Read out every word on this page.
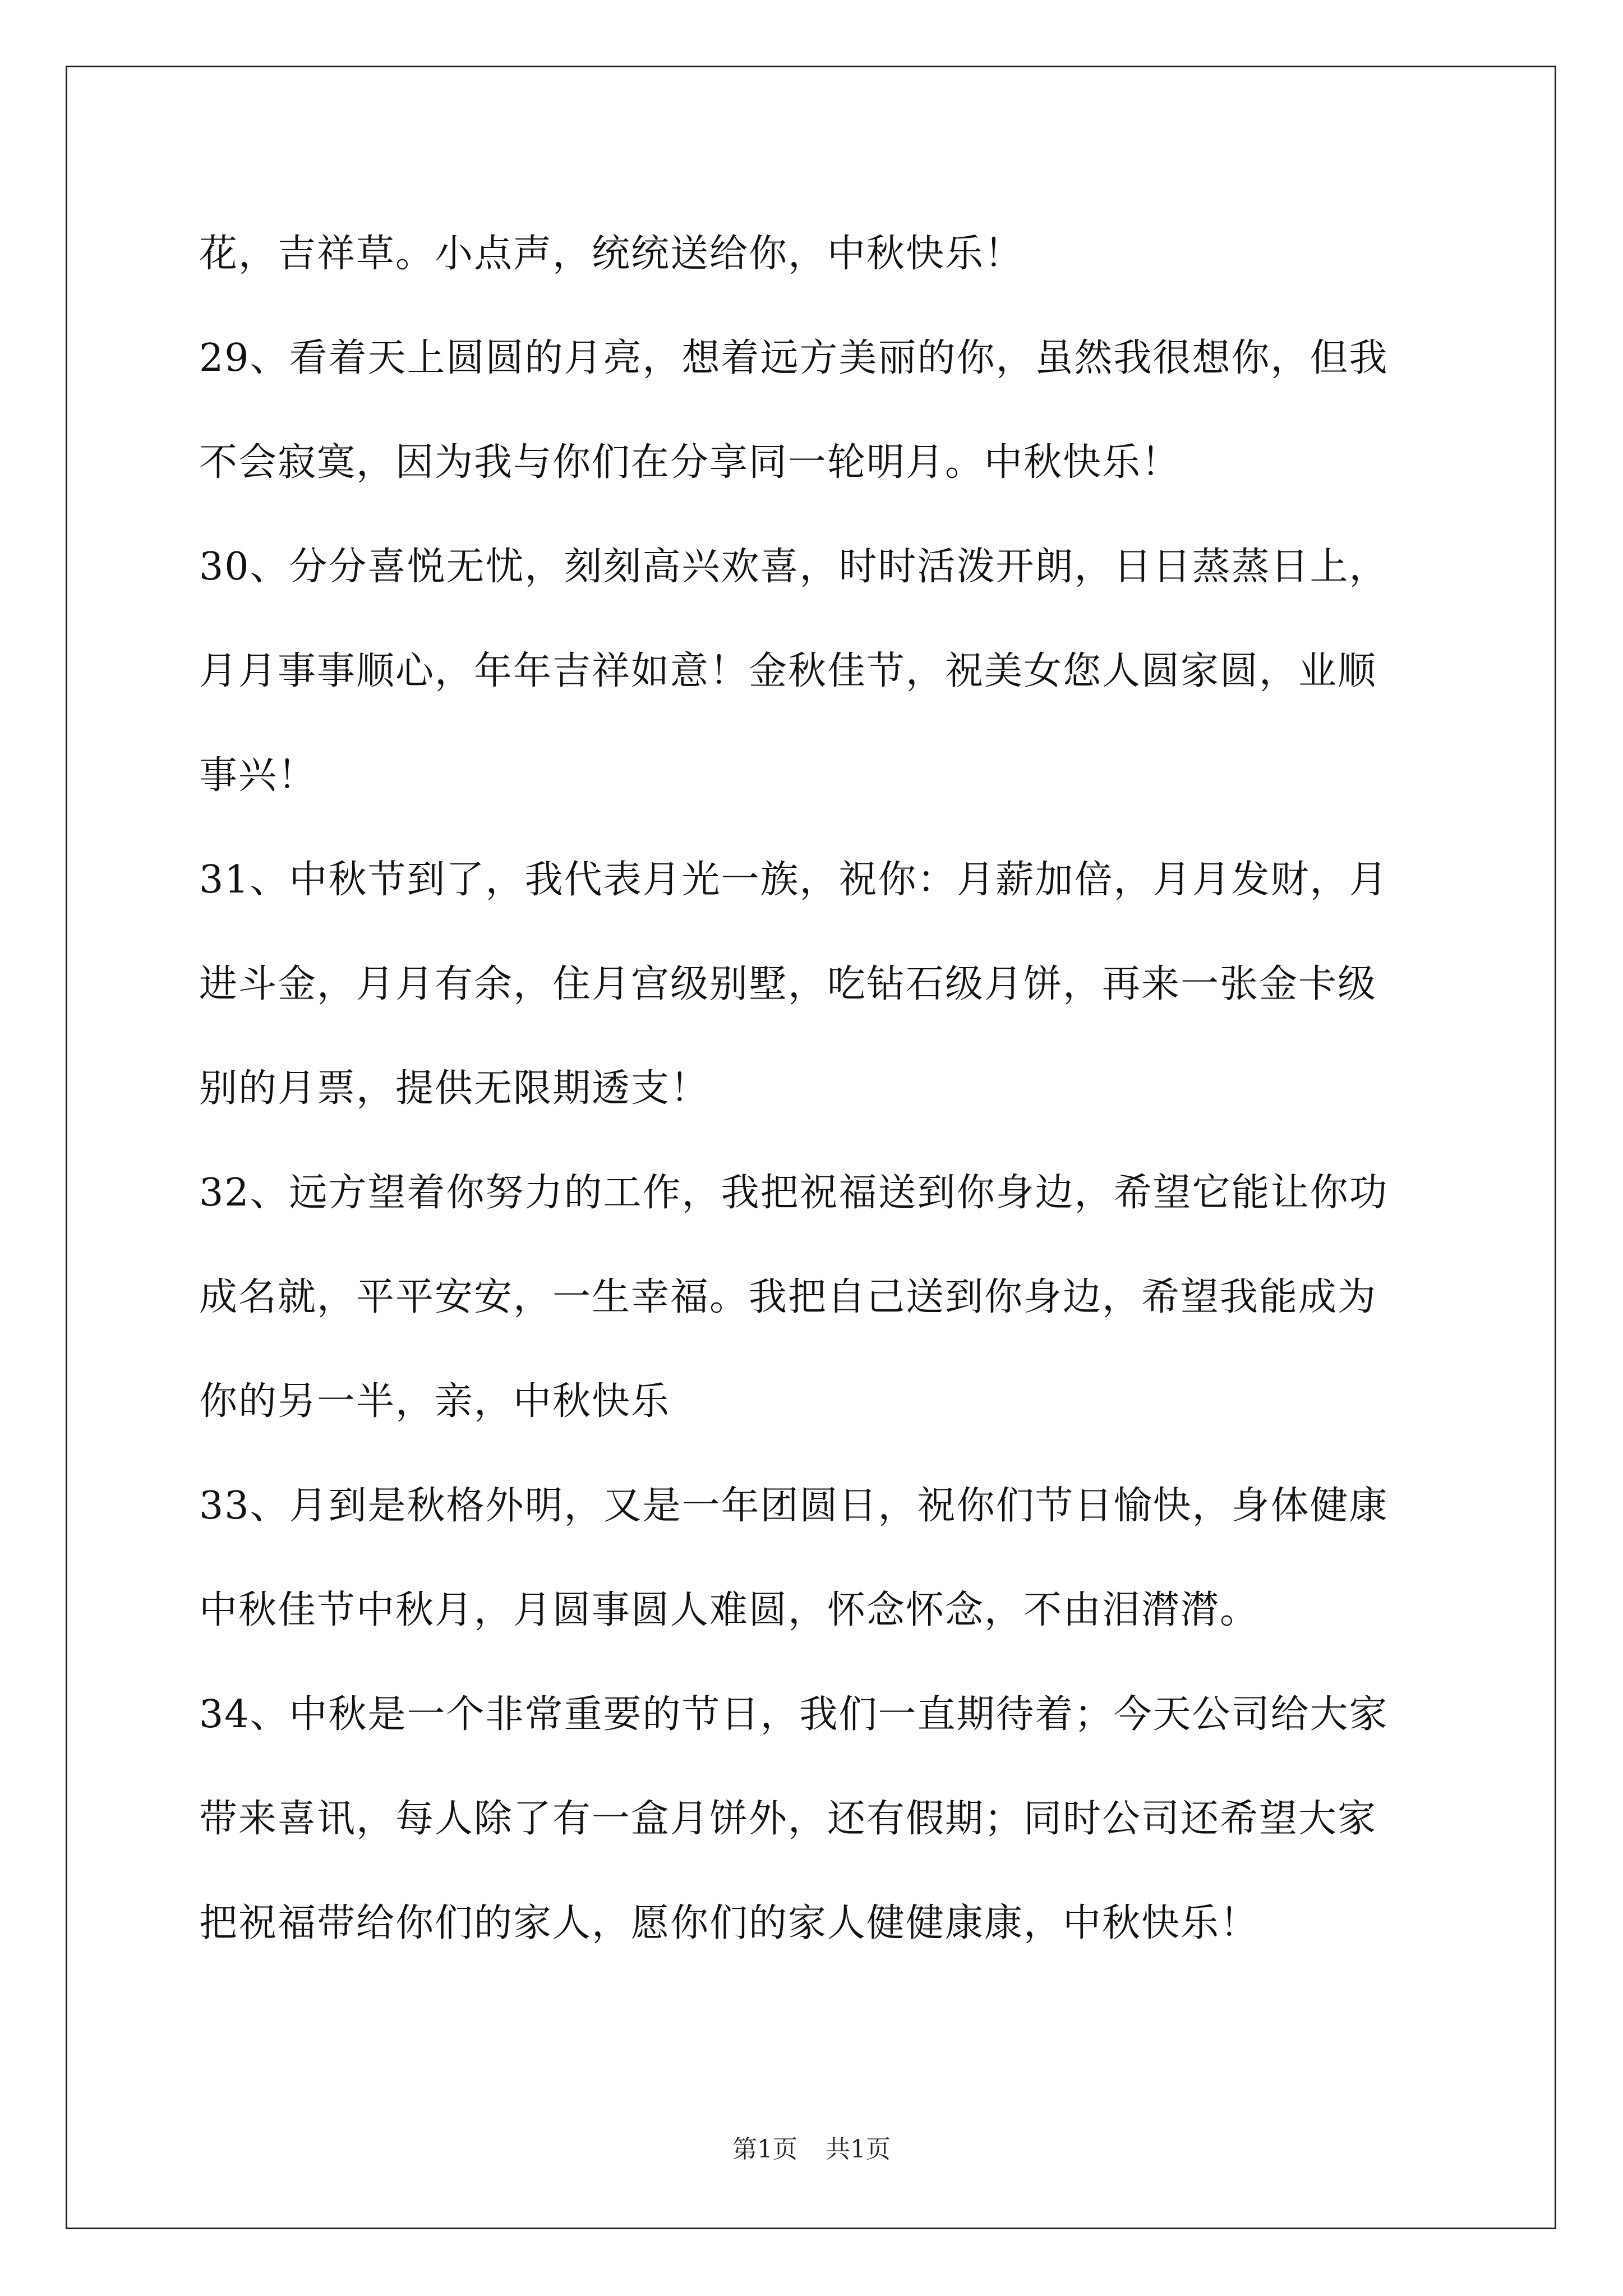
花，吉祥草。小点声，统统送给你，中秋快乐！
29、看着天上圆圆的月亮，想着远方美丽的你，虽然我很想你，但我
不会寂寞，因为我与你们在分享同一轮明月。中秋快乐！
30、分分喜悦无忧，刻刻高兴欢喜，时时活泼开朗，日日蒸蒸日上，
月月事事顺心，年年吉祥如意！金秋佳节，祝美女您人圆家圆，业顺
事兴！
31、中秋节到了，我代表月光一族，祝你：月薪加倍，月月发财，月
进斗金，月月有余，住月宫级别墅，吃钻石级月饼，再来一张金卡级
别的月票，提供无限期透支！
32、远方望着你努力的工作，我把祝福送到你身边，希望它能让你功
成名就，平平安安，一生幸福。我把自己送到你身边，希望我能成为
你的另一半，亲，中秋快乐
33、月到是秋格外明，又是一年团圆日，祝你们节日愉快，身体健康
中秋佳节中秋月，月圆事圆人难圆，怀念怀念，不由泪潸潸。
34、中秋是一个非常重要的节日，我们一直期待着；今天公司给大家
带来喜讯，每人除了有一盒月饼外，还有假期；同时公司还希望大家
把祝福带给你们的家人，愿你们的家人健健康康，中秋快乐！
第1页 共1页
